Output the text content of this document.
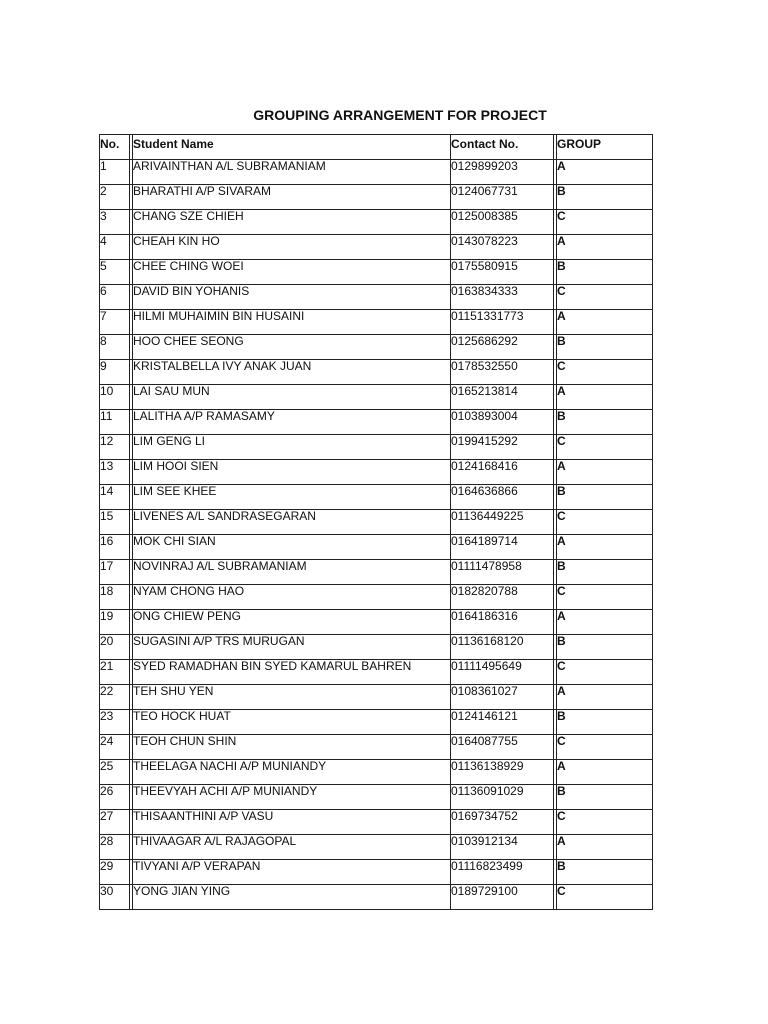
GROUPING ARRANGEMENT FOR PROJECT
No.		Student Name	Contact No.		GROUP
1		ARIVAINTHAN A/L SUBRAMANIAM	0129899203		A
2		BHARATHI A/P SIVARAM	0124067731		B
3		CHANG SZE CHIEH	0125008385		C
4		CHEAH KIN HO	0143078223		A
5		CHEE CHING WOEI	0175580915		B
6		DAVID BIN YOHANIS	0163834333		C
7		HILMI MUHAIMIN BIN HUSAINI	01151331773		A
8		HOO CHEE SEONG	0125686292		B
9		KRISTALBELLA IVY ANAK JUAN	0178532550		C
10		LAI SAU MUN	0165213814		A
11		LALITHA A/P RAMASAMY	0103893004		B
12		LIM GENG LI	0199415292		C
13		LIM HOOI SIEN	0124168416		A
14		LIM SEE KHEE	0164636866		B
15		LIVENES A/L SANDRASEGARAN	01136449225		C
16		MOK CHI SIAN	0164189714		A
17		NOVINRAJ A/L SUBRAMANIAM	01111478958		B
18		NYAM CHONG HAO	0182820788		C
19		ONG CHIEW PENG	0164186316		A
20		SUGASINI A/P TRS MURUGAN	01136168120		B
21		SYED RAMADHAN BIN SYED KAMARUL BAHREN	01111495649		C
22		TEH SHU YEN	0108361027		A
23		TEO HOCK HUAT	0124146121		B
24		TEOH CHUN SHIN	0164087755		C
25		THEELAGA NACHI A/P MUNIANDY	01136138929		A
26		THEEVYAH ACHI A/P MUNIANDY	01136091029		B
27		THISAANTHINI A/P VASU	0169734752		C
28		THIVAAGAR A/L RAJAGOPAL	0103912134		A
29		TIVYANI A/P VERAPAN	01116823499		B
30		YONG JIAN YING	0189729100		C
